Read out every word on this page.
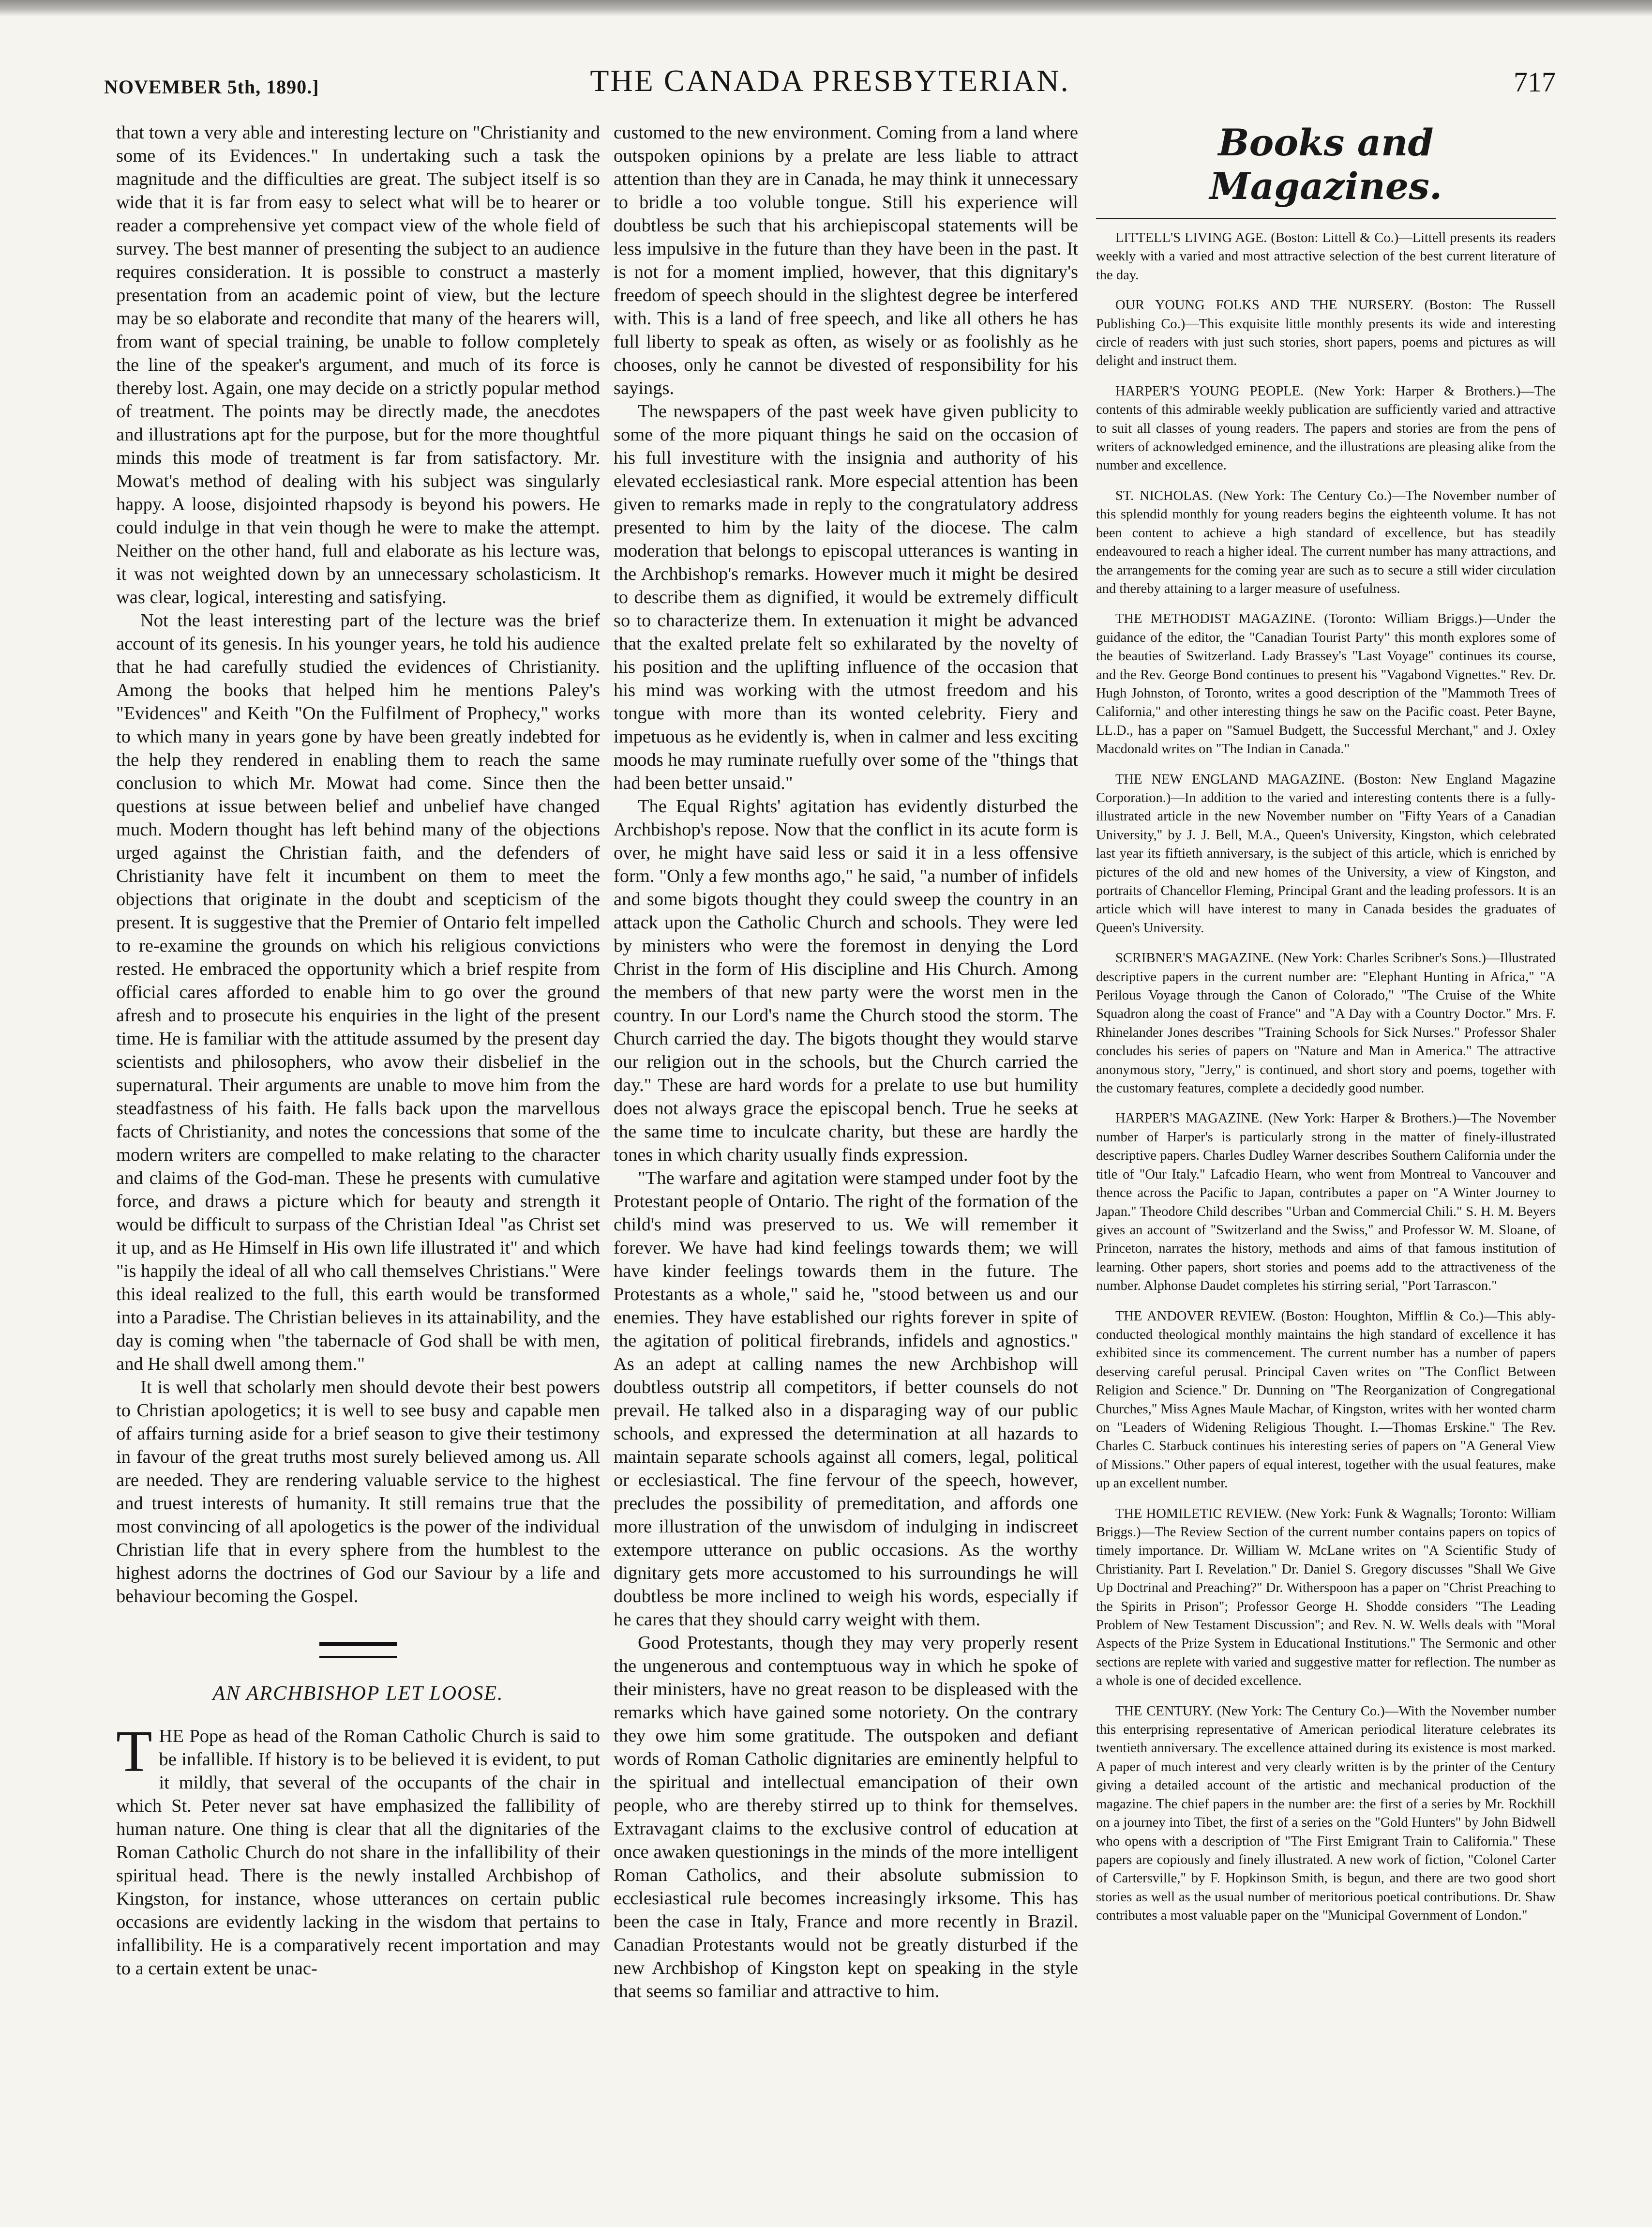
NOVEMBER 5th, 1890.]	THE CANADA PRESBYTERIAN.	717

that town a very able and interesting lecture on "Christianity and some of its Evidences." In undertaking such a task the magnitude and the difficulties are great. The subject itself is so wide that it is far from easy to select what will be to hearer or reader a comprehensive yet compact view of the whole field of survey. The best manner of presenting the subject to an audience requires consideration. It is possible to construct a masterly presentation from an academic point of view, but the lecture may be so elaborate and recondite that many of the hearers will, from want of special training, be unable to follow completely the line of the speaker's argument, and much of its force is thereby lost. Again, one may decide on a strictly popular method of treatment. The points may be directly made, the anecdotes and illustrations apt for the purpose, but for the more thoughtful minds this mode of treatment is far from satisfactory. Mr. Mowat's method of dealing with his subject was singularly happy. A loose, disjointed rhapsody is beyond his powers. He could indulge in that vein though he were to make the attempt. Neither on the other hand, full and elaborate as his lecture was, it was not weighted down by an unnecessary scholasticism. It was clear, logical, interesting and satisfying.

Not the least interesting part of the lecture was the brief account of its genesis. In his younger years, he told his audience that he had carefully studied the evidences of Christianity. Among the books that helped him he mentions Paley's "Evidences" and Keith "On the Fulfilment of Prophecy," works to which many in years gone by have been greatly indebted for the help they rendered in enabling them to reach the same conclusion to which Mr. Mowat had come. Since then the questions at issue between belief and unbelief have changed much. Modern thought has left behind many of the objections urged against the Christian faith, and the defenders of Christianity have felt it incumbent on them to meet the objections that originate in the doubt and scepticism of the present. It is suggestive that the Premier of Ontario felt impelled to re-examine the grounds on which his religious convictions rested. He embraced the opportunity which a brief respite from official cares afforded to enable him to go over the ground afresh and to prosecute his enquiries in the light of the present time. He is familiar with the attitude assumed by the present day scientists and philosophers, who avow their disbelief in the supernatural. Their arguments are unable to move him from the steadfastness of his faith. He falls back upon the marvellous facts of Christianity, and notes the concessions that some of the modern writers are compelled to make relating to the character and claims of the God-man. These he presents with cumulative force, and draws a picture which for beauty and strength it would be difficult to surpass of the Christian Ideal "as Christ set it up, and as He Himself in His own life illustrated it" and which "is happily the ideal of all who call themselves Christians." Were this ideal realized to the full, this earth would be transformed into a Paradise. The Christian believes in its attainability, and the day is coming when "the tabernacle of God shall be with men, and He shall dwell among them."

It is well that scholarly men should devote their best powers to Christian apologetics; it is well to see busy and capable men of affairs turning aside for a brief season to give their testimony in favour of the great truths most surely believed among us. All are needed. They are rendering valuable service to the highest and truest interests of humanity. It still remains true that the most convincing of all apologetics is the power of the individual Christian life that in every sphere from the humblest to the highest adorns the doctrines of God our Saviour by a life and behaviour becoming the Gospel.

AN ARCHBISHOP LET LOOSE.

THE Pope as head of the Roman Catholic Church is said to be infallible. If history is to be believed it is evident, to put it mildly, that several of the occupants of the chair in which St. Peter never sat have emphasized the fallibility of human nature. One thing is clear that all the dignitaries of the Roman Catholic Church do not share in the infallibility of their spiritual head. There is the newly installed Archbishop of Kingston, for instance, whose utterances on certain public occasions are evidently lacking in the wisdom that pertains to infallibility. He is a comparatively recent importation and may to a certain extent be unac-

customed to the new environment. Coming from a land where outspoken opinions by a prelate are less liable to attract attention than they are in Canada, he may think it unnecessary to bridle a too voluble tongue. Still his experience will doubtless be such that his archiepiscopal statements will be less impulsive in the future than they have been in the past. It is not for a moment implied, however, that this dignitary's freedom of speech should in the slightest degree be interfered with. This is a land of free speech, and like all others he has full liberty to speak as often, as wisely or as foolishly as he chooses, only he cannot be divested of responsibility for his sayings.

The newspapers of the past week have given publicity to some of the more piquant things he said on the occasion of his full investiture with the insignia and authority of his elevated ecclesiastical rank. More especial attention has been given to remarks made in reply to the congratulatory address presented to him by the laity of the diocese. The calm moderation that belongs to episcopal utterances is wanting in the Archbishop's remarks. However much it might be desired to describe them as dignified, it would be extremely difficult so to characterize them. In extenuation it might be advanced that the exalted prelate felt so exhilarated by the novelty of his position and the uplifting influence of the occasion that his mind was working with the utmost freedom and his tongue with more than its wonted celebrity. Fiery and impetuous as he evidently is, when in calmer and less exciting moods he may ruminate ruefully over some of the "things that had been better unsaid."

The Equal Rights' agitation has evidently disturbed the Archbishop's repose. Now that the conflict in its acute form is over, he might have said less or said it in a less offensive form. "Only a few months ago," he said, "a number of infidels and some bigots thought they could sweep the country in an attack upon the Catholic Church and schools. They were led by ministers who were the foremost in denying the Lord Christ in the form of His discipline and His Church. Among the members of that new party were the worst men in the country. In our Lord's name the Church stood the storm. The Church carried the day. The bigots thought they would starve our religion out in the schools, but the Church carried the day." These are hard words for a prelate to use but humility does not always grace the episcopal bench. True he seeks at the same time to inculcate charity, but these are hardly the tones in which charity usually finds expression.

"The warfare and agitation were stamped under foot by the Protestant people of Ontario. The right of the formation of the child's mind was preserved to us. We will remember it forever. We have had kind feelings towards them; we will have kinder feelings towards them in the future. The Protestants as a whole," said he, "stood between us and our enemies. They have established our rights forever in spite of the agitation of political firebrands, infidels and agnostics." As an adept at calling names the new Archbishop will doubtless outstrip all competitors, if better counsels do not prevail. He talked also in a disparaging way of our public schools, and expressed the determination at all hazards to maintain separate schools against all comers, legal, political or ecclesiastical. The fine fervour of the speech, however, precludes the possibility of premeditation, and affords one more illustration of the unwisdom of indulging in indiscreet extempore utterance on public occasions. As the worthy dignitary gets more accustomed to his surroundings he will doubtless be more inclined to weigh his words, especially if he cares that they should carry weight with them.

Good Protestants, though they may very properly resent the ungenerous and contemptuous way in which he spoke of their ministers, have no great reason to be displeased with the remarks which have gained some notoriety. On the contrary they owe him some gratitude. The outspoken and defiant words of Roman Catholic dignitaries are eminently helpful to the spiritual and intellectual emancipation of their own people, who are thereby stirred up to think for themselves. Extravagant claims to the exclusive control of education at once awaken questionings in the minds of the more intelligent Roman Catholics, and their absolute submission to ecclesiastical rule becomes increasingly irksome. This has been the case in Italy, France and more recently in Brazil. Canadian Protestants would not be greatly disturbed if the new Archbishop of Kingston kept on speaking in the style that seems so familiar and attractive to him.

Books and Magazines.

LITTELL'S LIVING AGE. (Boston: Littell & Co.)—Littell presents its readers weekly with a varied and most attractive selection of the best current literature of the day.

OUR YOUNG FOLKS AND THE NURSERY. (Boston: The Russell Publishing Co.)—This exquisite little monthly presents its wide and interesting circle of readers with just such stories, short papers, poems and pictures as will delight and instruct them.

HARPER'S YOUNG PEOPLE. (New York: Harper & Brothers.)—The contents of this admirable weekly publication are sufficiently varied and attractive to suit all classes of young readers. The papers and stories are from the pens of writers of acknowledged eminence, and the illustrations are pleasing alike from the number and excellence.

ST. NICHOLAS. (New York: The Century Co.)—The November number of this splendid monthly for young readers begins the eighteenth volume. It has not been content to achieve a high standard of excellence, but has steadily endeavoured to reach a higher ideal. The current number has many attractions, and the arrangements for the coming year are such as to secure a still wider circulation and thereby attaining to a larger measure of usefulness.

THE METHODIST MAGAZINE. (Toronto: William Briggs.)—Under the guidance of the editor, the "Canadian Tourist Party" this month explores some of the beauties of Switzerland. Lady Brassey's "Last Voyage" continues its course, and the Rev. George Bond continues to present his "Vagabond Vignettes." Rev. Dr. Hugh Johnston, of Toronto, writes a good description of the "Mammoth Trees of California," and other interesting things he saw on the Pacific coast. Peter Bayne, LL.D., has a paper on "Samuel Budgett, the Successful Merchant," and J. Oxley Macdonald writes on "The Indian in Canada."

THE NEW ENGLAND MAGAZINE. (Boston: New England Magazine Corporation.)—In addition to the varied and interesting contents there is a fully-illustrated article in the new November number on "Fifty Years of a Canadian University," by J. J. Bell, M.A., Queen's University, Kingston, which celebrated last year its fiftieth anniversary, is the subject of this article, which is enriched by pictures of the old and new homes of the University, a view of Kingston, and portraits of Chancellor Fleming, Principal Grant and the leading professors. It is an article which will have interest to many in Canada besides the graduates of Queen's University.

SCRIBNER'S MAGAZINE. (New York: Charles Scribner's Sons.)—Illustrated descriptive papers in the current number are: "Elephant Hunting in Africa," "A Perilous Voyage through the Canon of Colorado," "The Cruise of the White Squadron along the coast of France" and "A Day with a Country Doctor." Mrs. F. Rhinelander Jones describes "Training Schools for Sick Nurses." Professor Shaler concludes his series of papers on "Nature and Man in America." The attractive anonymous story, "Jerry," is continued, and short story and poems, together with the customary features, complete a decidedly good number.

HARPER'S MAGAZINE. (New York: Harper & Brothers.)—The November number of Harper's is particularly strong in the matter of finely-illustrated descriptive papers. Charles Dudley Warner describes Southern California under the title of "Our Italy." Lafcadio Hearn, who went from Montreal to Vancouver and thence across the Pacific to Japan, contributes a paper on "A Winter Journey to Japan." Theodore Child describes "Urban and Commercial Chili." S. H. M. Beyers gives an account of "Switzerland and the Swiss," and Professor W. M. Sloane, of Princeton, narrates the history, methods and aims of that famous institution of learning. Other papers, short stories and poems add to the attractiveness of the number. Alphonse Daudet completes his stirring serial, "Port Tarrascon."

THE ANDOVER REVIEW. (Boston: Houghton, Mifflin & Co.)—This ably-conducted theological monthly maintains the high standard of excellence it has exhibited since its commencement. The current number has a number of papers deserving careful perusal. Principal Caven writes on "The Conflict Between Religion and Science." Dr. Dunning on "The Reorganization of Congregational Churches," Miss Agnes Maule Machar, of Kingston, writes with her wonted charm on "Leaders of Widening Religious Thought. I.—Thomas Erskine." The Rev. Charles C. Starbuck continues his interesting series of papers on "A General View of Missions." Other papers of equal interest, together with the usual features, make up an excellent number.

THE HOMILETIC REVIEW. (New York: Funk & Wagnalls; Toronto: William Briggs.)—The Review Section of the current number contains papers on topics of timely importance. Dr. William W. McLane writes on "A Scientific Study of Christianity. Part I. Revelation." Dr. Daniel S. Gregory discusses "Shall We Give Up Doctrinal and Preaching?" Dr. Witherspoon has a paper on "Christ Preaching to the Spirits in Prison"; Professor George H. Shodde considers "The Leading Problem of New Testament Discussion"; and Rev. N. W. Wells deals with "Moral Aspects of the Prize System in Educational Institutions." The Sermonic and other sections are replete with varied and suggestive matter for reflection. The number as a whole is one of decided excellence.

THE CENTURY. (New York: The Century Co.)—With the November number this enterprising representative of American periodical literature celebrates its twentieth anniversary. The excellence attained during its existence is most marked. A paper of much interest and very clearly written is by the printer of the Century giving a detailed account of the artistic and mechanical production of the magazine. The chief papers in the number are: the first of a series by Mr. Rockhill on a journey into Tibet, the first of a series on the "Gold Hunters" by John Bidwell who opens with a description of "The First Emigrant Train to California." These papers are copiously and finely illustrated. A new work of fiction, "Colonel Carter of Cartersville," by F. Hopkinson Smith, is begun, and there are two good short stories as well as the usual number of meritorious poetical contributions. Dr. Shaw contributes a most valuable paper on the "Municipal Government of London."
